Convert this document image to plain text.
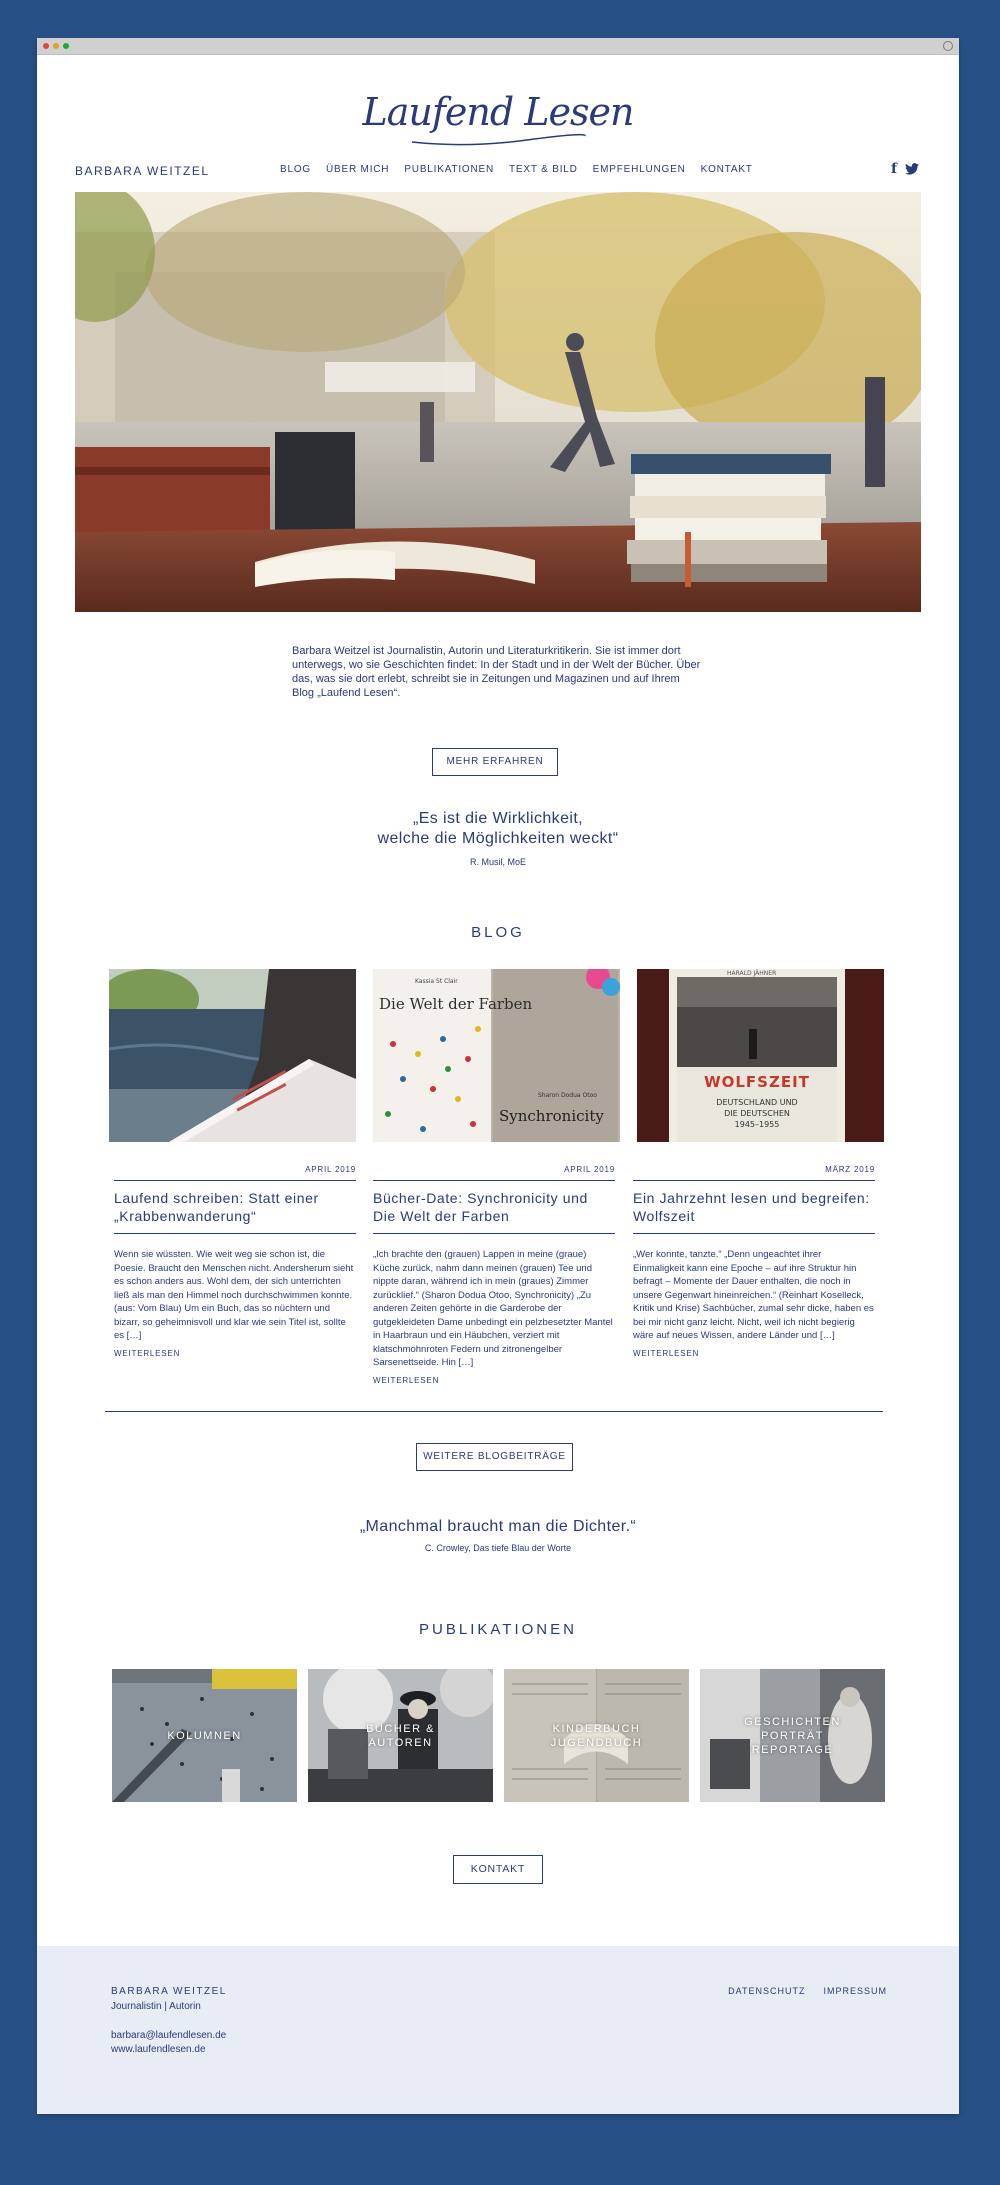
Laufend Lesen
BARBARA WEITZEL	BLOG ÜBER MICH PUBLIKATIONEN TEXT & BILD EMPFEHLUNGEN KONTAKT	f
Barbara Weitzel ist Journalistin, Autorin und Literaturkritikerin. Sie ist immer dort unterwegs, wo sie Geschichten findet: In der Stadt und in der Welt der Bücher. Über das, was sie dort erlebt, schreibt sie in Zeitungen und Magazinen und auf Ihrem Blog „Laufend Lesen“.
MEHR ERFAHREN
„Es ist die Wirklichkeit,
welche die Möglichkeiten weckt“
R. Musil, MoE
BLOG
Die Welt der Farben
Kassia St Clair
Sharon Dodua Otoo
Synchronicity
HARALD JÄHNER
WOLFSZEIT
DEUTSCHLAND UND
DIE DEUTSCHEN
1945–1955
APRIL 2019
Laufend schreiben: Statt einer „Krabbenwanderung“

Wenn sie wüssten. Wie weit weg sie schon ist, die Poesie. Braucht den Menschen nicht. Andersherum sieht es schon anders aus. Wohl dem, der sich unterrichten ließ als man den Himmel noch durchschwimmen konnte. (aus: Vom Blau) Um ein Buch, das so nüchtern und bizarr, so geheimnisvoll und klar wie sein Titel ist, sollte es […]

WEITERLESEN
APRIL 2019
Bücher-Date: Synchronicity und Die Welt der Farben

„Ich brachte den (grauen) Lappen in meine (graue) Küche zurück, nahm dann meinen (grauen) Tee und nippte daran, während ich in mein (graues) Zimmer zurücklief.“ (Sharon Dodua Otoo, Synchronicity) „Zu anderen Zeiten gehörte in die Garderobe der gutgekleideten Dame unbedingt ein pelzbesetzter Mantel in Haarbraun und ein Häubchen, verziert mit klatschmohnroten Federn und zitronengelber Sarsenettseide. Hin […]

WEITERLESEN
MÄRZ 2019
Ein Jahrzehnt lesen und begreifen: Wolfszeit

„Wer konnte, tanzte.“ „Denn ungeachtet ihrer Einmaligkeit kann eine Epoche – auf ihre Struktur hin befragt – Momente der Dauer enthalten, die noch in unsere Gegenwart hineinreichen.“ (Reinhart Koselleck, Kritik und Krise) Sachbücher, zumal sehr dicke, haben es bei mir nicht ganz leicht. Nicht, weil ich nicht begierig wäre auf neues Wissen, andere Länder und […]

WEITERLESEN
WEITERE BLOGBEITRÄGE
„Manchmal braucht man die Dichter.“
C. Crowley, Das tiefe Blau der Worte
PUBLIKATIONEN
KOLUMNEN
BÜCHER &
AUTOREN
KINDERBUCH
JUGENDBUCH
GESCHICHTEN
PORTRÄT
REPORTAGE
KONTAKT
BARBARA WEITZEL
Journalistin | Autorin
barbara@laufendlesen.de
www.laufendlesen.de
DATENSCHUTZ IMPRESSUM
